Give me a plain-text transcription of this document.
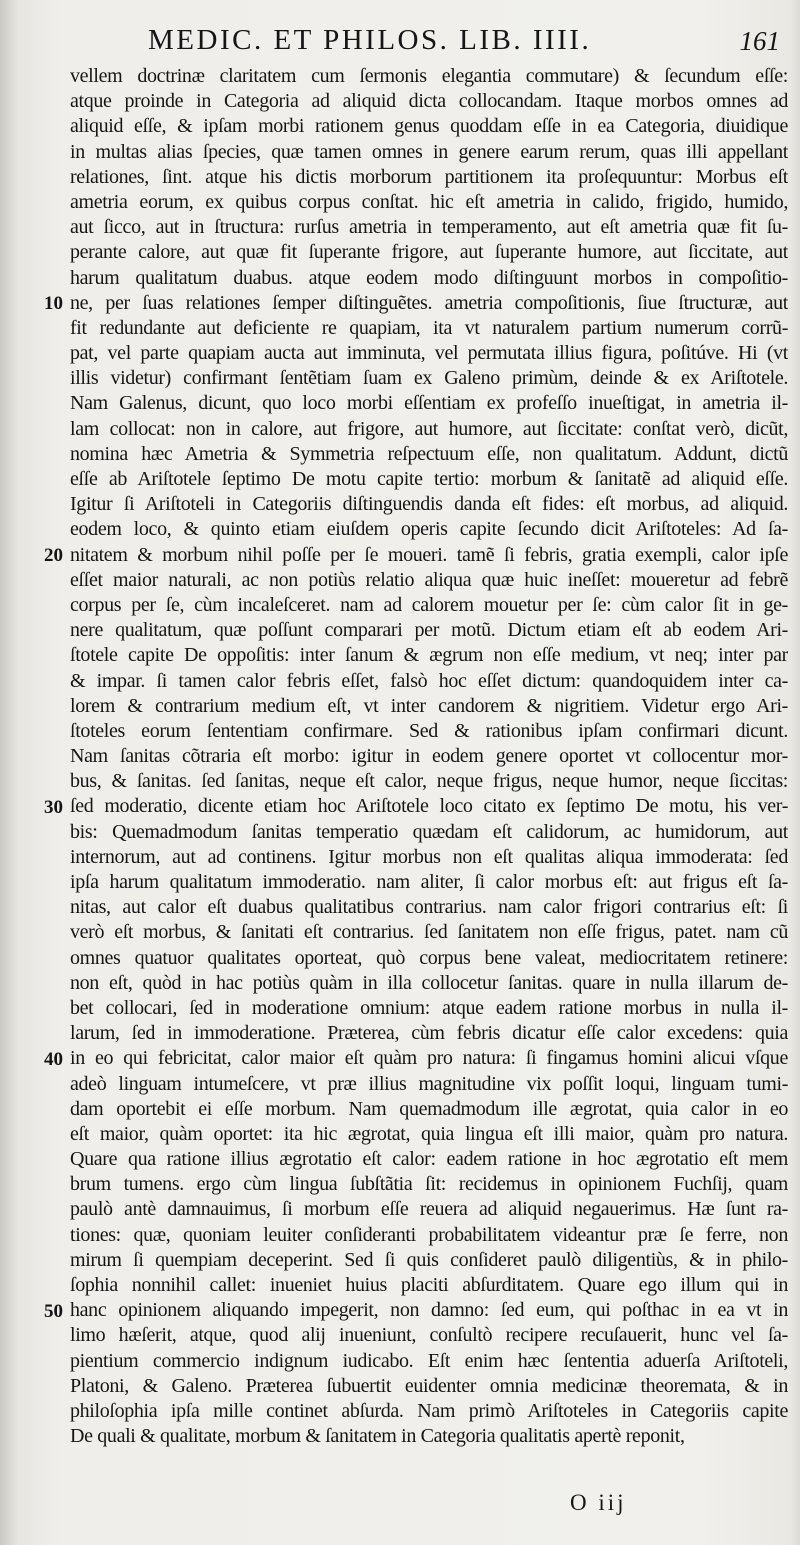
MEDIC. ET PHILOS. LIB. IIII.	161
10
20
30
40
50
vellem doctrinæ claritatem cum ſermonis elegantia commutare) & ſecundum eſſe:
atque proinde in Categoria ad aliquid dicta collocandam. Itaque morbos omnes ad
aliquid eſſe, & ipſam morbi rationem genus quoddam eſſe in ea Categoria, diuidique
in multas alias ſpecies, quæ tamen omnes in genere earum rerum, quas illi appellant
relationes, ſint. atque his dictis morborum partitionem ita proſequuntur: Morbus eſt
ametria eorum, ex quibus corpus conſtat. hic eſt ametria in calido, frigido, humido,
aut ſicco, aut in ſtructura: rurſus ametria in temperamento, aut eſt ametria quæ fit ſu-
perante calore, aut quæ fit ſuperante frigore, aut ſuperante humore, aut ſiccitate, aut
harum qualitatum duabus. atque eodem modo diſtinguunt morbos in compoſitio-
ne, per ſuas relationes ſemper diſtinguẽtes. ametria compoſitionis, ſiue ſtructuræ, aut
fit redundante aut deficiente re quapiam, ita vt naturalem partium numerum corrũ-
pat, vel parte quapiam aucta aut imminuta, vel permutata illius figura, poſitúve. Hi (vt
illis videtur) confirmant ſentẽtiam ſuam ex Galeno primùm, deinde & ex Ariſtotele.
Nam Galenus, dicunt, quo loco morbi eſſentiam ex profeſſo inueſtigat, in ametria il-
lam collocat: non in calore, aut frigore, aut humore, aut ſiccitate: conſtat verò, dicũt,
nomina hæc Ametria & Symmetria reſpectuum eſſe, non qualitatum. Addunt, dictũ
eſſe ab Ariſtotele ſeptimo De motu capite tertio: morbum & ſanitatẽ ad aliquid eſſe.
Igitur ſi Ariſtoteli in Categoriis diſtinguendis danda eſt fides: eſt morbus, ad aliquid.
eodem loco, & quinto etiam eiuſdem operis capite ſecundo dicit Ariſtoteles: Ad ſa-
nitatem & morbum nihil poſſe per ſe moueri. tamẽ ſi febris, gratia exempli, calor ipſe
eſſet maior naturali, ac non potiùs relatio aliqua quæ huic ineſſet: moueretur ad febrẽ
corpus per ſe, cùm incaleſceret. nam ad calorem mouetur per ſe: cùm calor ſit in ge-
nere qualitatum, quæ poſſunt comparari per motũ. Dictum etiam eſt ab eodem Ari-
ſtotele capite De oppoſitis: inter ſanum & ægrum non eſſe medium, vt neq; inter par
& impar. ſi tamen calor febris eſſet, falsò hoc eſſet dictum: quandoquidem inter ca-
lorem & contrarium medium eſt, vt inter candorem & nigritiem. Videtur ergo Ari-
ſtoteles eorum ſententiam confirmare. Sed & rationibus ipſam confirmari dicunt.
Nam ſanitas cõtraria eſt morbo: igitur in eodem genere oportet vt collocentur mor-
bus, & ſanitas. ſed ſanitas, neque eſt calor, neque frigus, neque humor, neque ſiccitas:
ſed moderatio, dicente etiam hoc Ariſtotele loco citato ex ſeptimo De motu, his ver-
bis: Quemadmodum ſanitas temperatio quædam eſt calidorum, ac humidorum, aut
internorum, aut ad continens. Igitur morbus non eſt qualitas aliqua immoderata: ſed
ipſa harum qualitatum immoderatio. nam aliter, ſi calor morbus eſt: aut frigus eſt ſa-
nitas, aut calor eſt duabus qualitatibus contrarius. nam calor frigori contrarius eſt: ſi
verò eſt morbus, & ſanitati eſt contrarius. ſed ſanitatem non eſſe frigus, patet. nam cũ
omnes quatuor qualitates oporteat, quò corpus bene valeat, mediocritatem retinere:
non eſt, quòd in hac potiùs quàm in illa collocetur ſanitas. quare in nulla illarum de-
bet collocari, ſed in moderatione omnium: atque eadem ratione morbus in nulla il-
larum, ſed in immoderatione. Præterea, cùm febris dicatur eſſe calor excedens: quia
in eo qui febricitat, calor maior eſt quàm pro natura: ſi fingamus homini alicui vſque
adeò linguam intumeſcere, vt præ illius magnitudine vix poſſit loqui, linguam tumi-
dam oportebit ei eſſe morbum. Nam quemadmodum ille ægrotat, quia calor in eo
eſt maior, quàm oportet: ita hic ægrotat, quia lingua eſt illi maior, quàm pro natura.
Quare qua ratione illius ægrotatio eſt calor: eadem ratione in hoc ægrotatio eſt mem
brum tumens. ergo cùm lingua ſubſtãtia ſit: recidemus in opinionem Fuchſij, quam
paulò antè damnauimus, ſi morbum eſſe reuera ad aliquid negauerimus. Hæ ſunt ra-
tiones: quæ, quoniam leuiter conſideranti probabilitatem videantur præ ſe ferre, non
mirum ſi quempiam deceperint. Sed ſi quis conſideret paulò diligentiùs, & in philo-
ſophia nonnihil callet: inueniet huius placiti abſurditatem. Quare ego illum qui in
hanc opinionem aliquando impegerit, non damno: ſed eum, qui poſthac in ea vt in
limo hæſerit, atque, quod alij inueniunt, conſultò recipere recuſauerit, hunc vel ſa-
pientium commercio indignum iudicabo. Eſt enim hæc ſententia aduerſa Ariſtoteli,
Platoni, & Galeno. Præterea ſubuertit euidenter omnia medicinæ theoremata, & in
philoſophia ipſa mille continet abſurda. Nam primò Ariſtoteles in Categoriis capite
De quali & qualitate, morbum & ſanitatem in Categoria qualitatis apertè reponit,
O iij
